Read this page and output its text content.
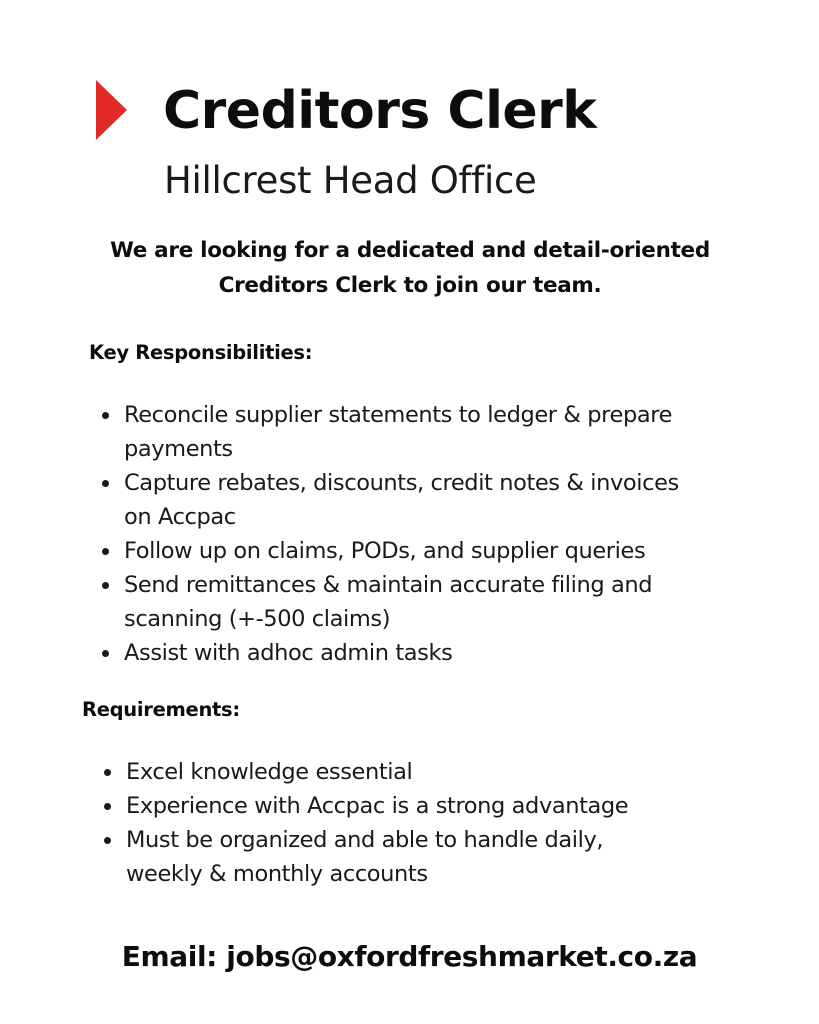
Creditors Clerk
Hillcrest Head Office

We are looking for a dedicated and detail-oriented
Creditors Clerk to join our team.

Key Responsibilities:
Reconcile supplier statements to ledger & prepare
payments
Capture rebates, discounts, credit notes & invoices
on Accpac
Follow up on claims, PODs, and supplier queries
Send remittances & maintain accurate filing and
scanning (+-500 claims)
Assist with adhoc admin tasks
Requirements:
Excel knowledge essential
Experience with Accpac is a strong advantage
Must be organized and able to handle daily,
weekly & monthly accounts

Email: jobs@oxfordfreshmarket.co.za
